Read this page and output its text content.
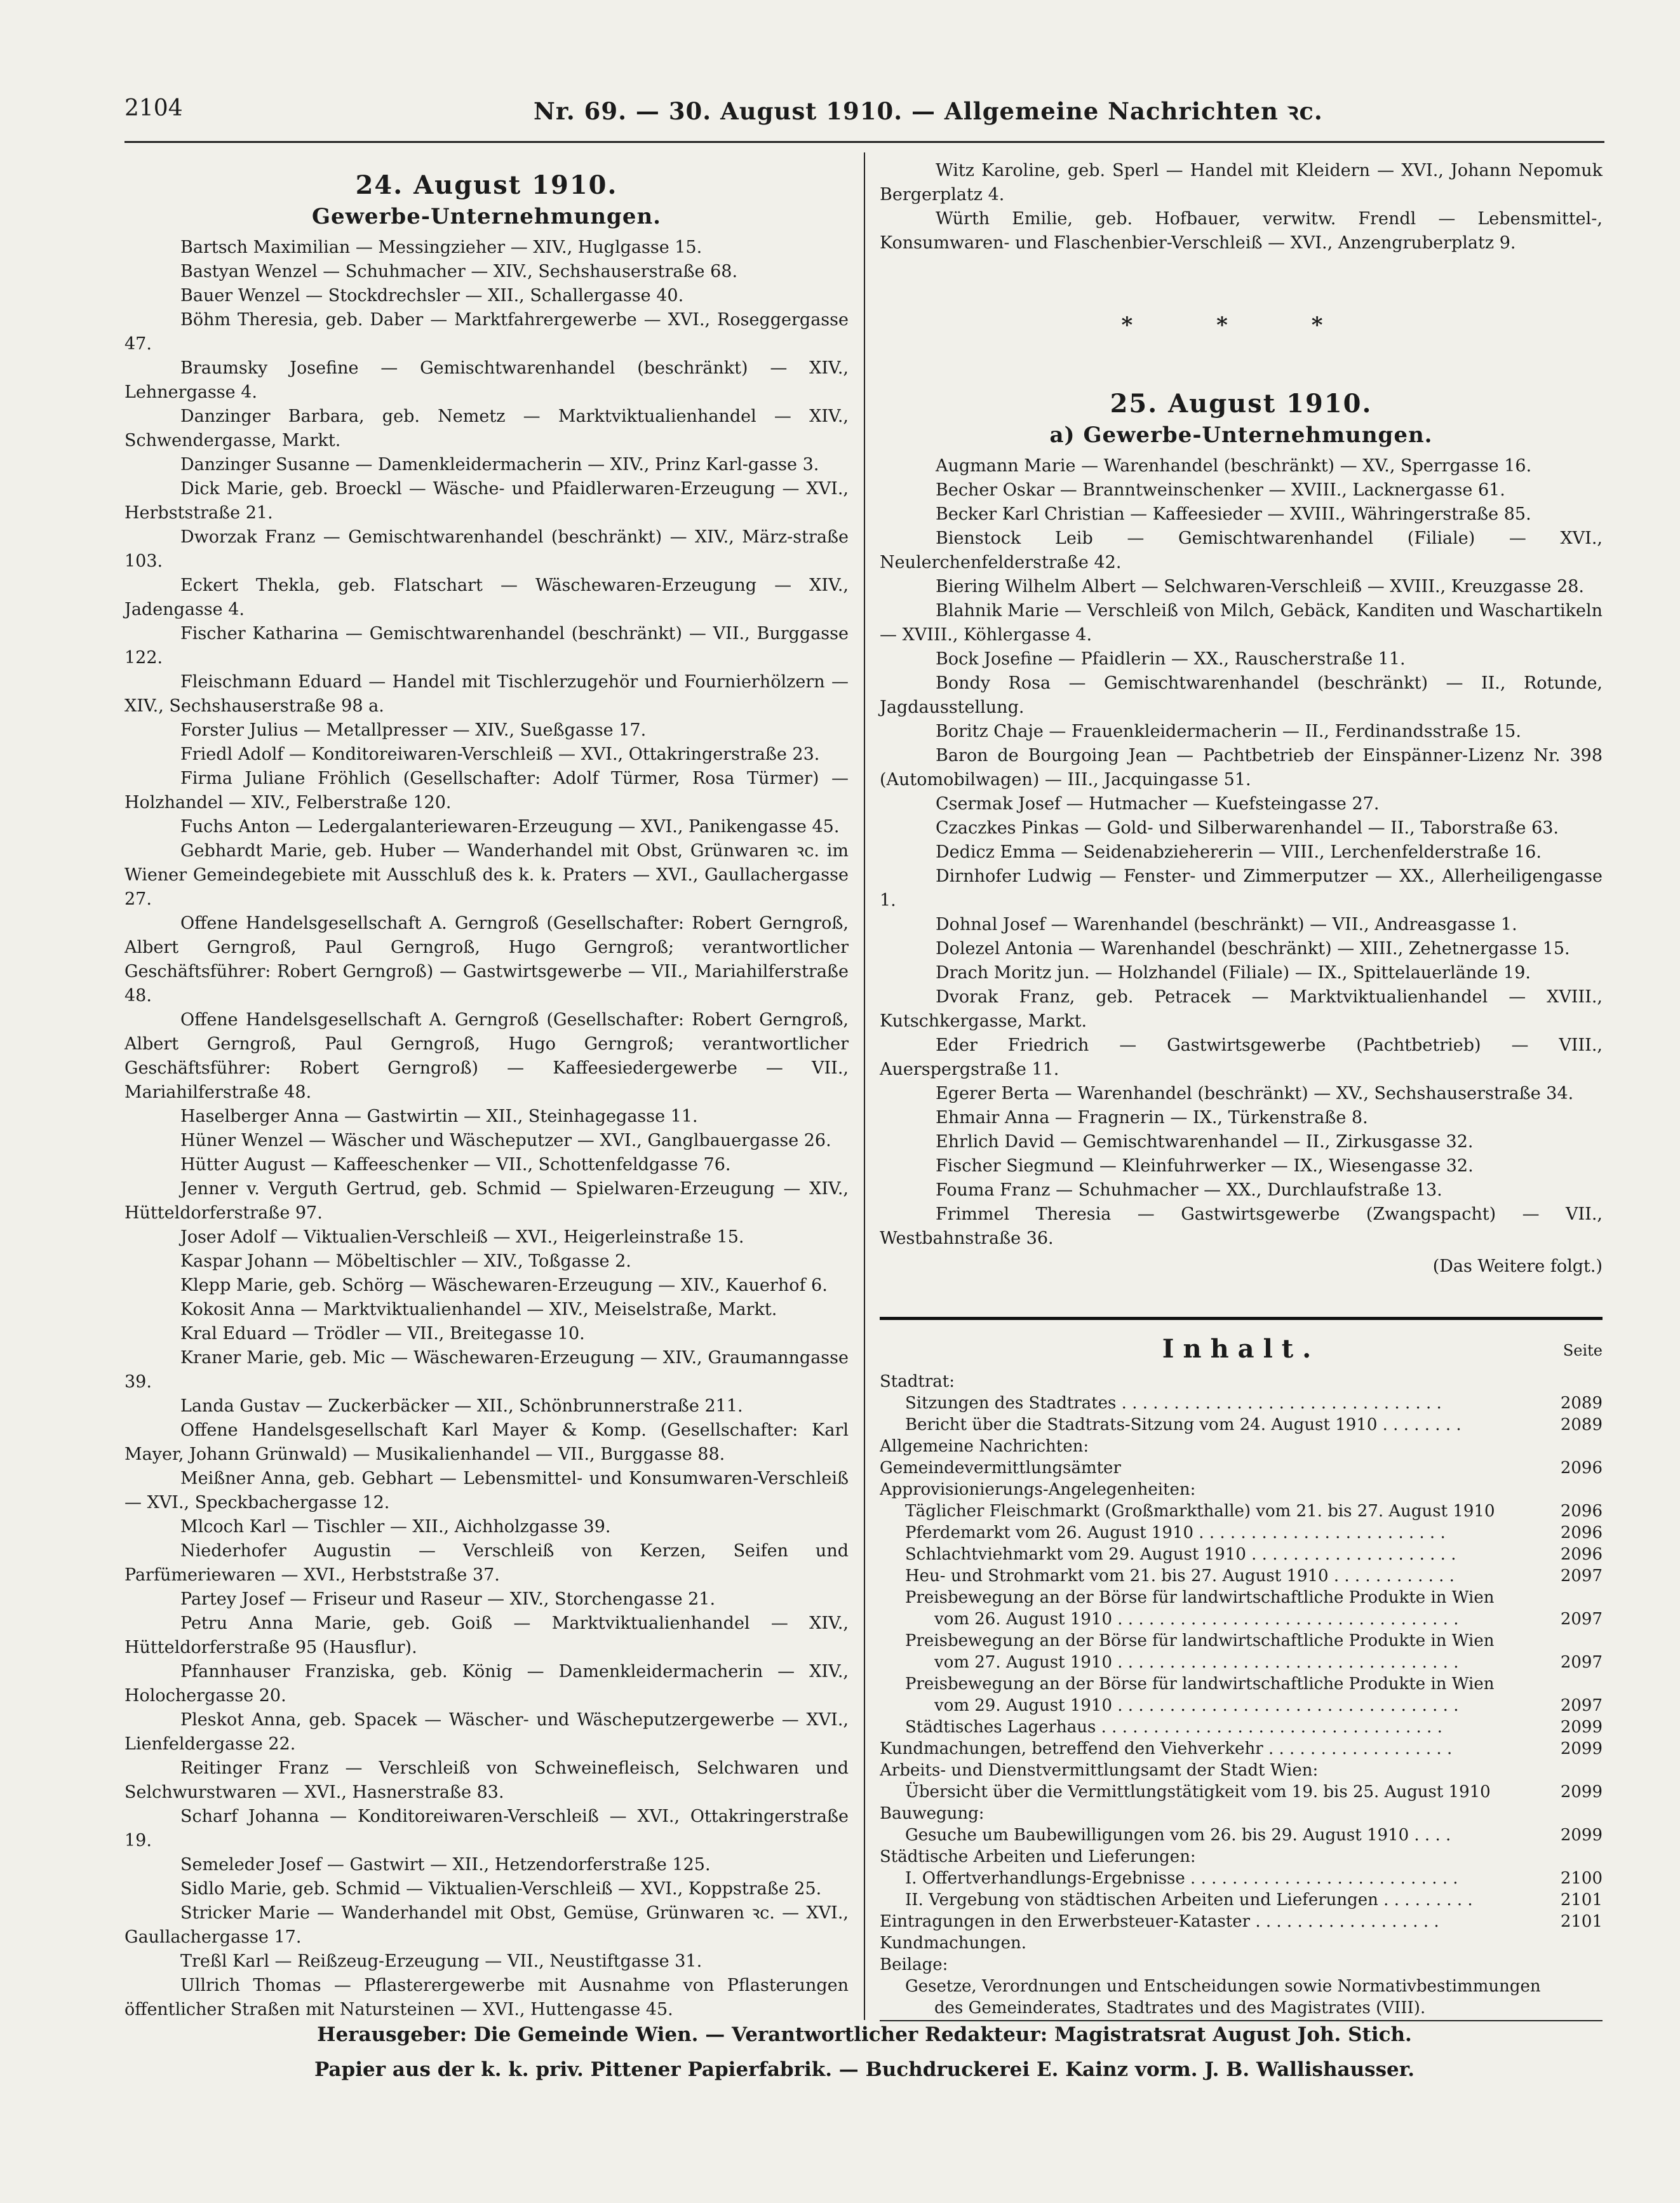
2104	Nr. 69. — 30. August 1910. — Allgemeine Nachrichten ꝛc.
24. August 1910.
Gewerbe-Unternehmungen.

Bartsch Maximilian — Messingzieher — XIV., Huglgasse 15.

Bastyan Wenzel — Schuhmacher — XIV., Sechshauserstraße 68.

Bauer Wenzel — Stockdrechsler — XII., Schallergasse 40.

Böhm Theresia, geb. Daber — Marktfahrergewerbe — XVI., Roseggergasse 47.

Braumsky Josefine — Gemischtwarenhandel (beschränkt) — XIV., Lehnergasse 4.

Danzinger Barbara, geb. Nemetz — Marktviktualienhandel — XIV., Schwendergasse, Markt.

Danzinger Susanne — Damenkleidermacherin — XIV., Prinz Karl-gasse 3.

Dick Marie, geb. Broeckl — Wäsche- und Pfaidlerwaren-Erzeugung — XVI., Herbststraße 21.

Dworzak Franz — Gemischtwarenhandel (beschränkt) — XIV., März-straße 103.

Eckert Thekla, geb. Flatschart — Wäschewaren-Erzeugung — XIV., Jadengasse 4.

Fischer Katharina — Gemischtwarenhandel (beschränkt) — VII., Burggasse 122.

Fleischmann Eduard — Handel mit Tischlerzugehör und Fournierhölzern — XIV., Sechshauserstraße 98 a.

Forster Julius — Metallpresser — XIV., Sueßgasse 17.

Friedl Adolf — Konditoreiwaren-Verschleiß — XVI., Ottakringerstraße 23.

Firma Juliane Fröhlich (Gesellschafter: Adolf Türmer, Rosa Türmer) — Holzhandel — XIV., Felberstraße 120.

Fuchs Anton — Ledergalanteriewaren-Erzeugung — XVI., Panikengasse 45.

Gebhardt Marie, geb. Huber — Wanderhandel mit Obst, Grünwaren ꝛc. im Wiener Gemeindegebiete mit Ausschluß des k. k. Praters — XVI., Gaullachergasse 27.

Offene Handelsgesellschaft A. Gerngroß (Gesellschafter: Robert Gerngroß, Albert Gerngroß, Paul Gerngroß, Hugo Gerngroß; verantwortlicher Geschäftsführer: Robert Gerngroß) — Gastwirtsgewerbe — VII., Mariahilferstraße 48.

Offene Handelsgesellschaft A. Gerngroß (Gesellschafter: Robert Gerngroß, Albert Gerngroß, Paul Gerngroß, Hugo Gerngroß; verantwortlicher Geschäftsführer: Robert Gerngroß) — Kaffeesiedergewerbe — VII., Mariahilferstraße 48.

Haselberger Anna — Gastwirtin — XII., Steinhagegasse 11.

Hüner Wenzel — Wäscher und Wäscheputzer — XVI., Ganglbauergasse 26.

Hütter August — Kaffeeschenker — VII., Schottenfeldgasse 76.

Jenner v. Verguth Gertrud, geb. Schmid — Spielwaren-Erzeugung — XIV., Hütteldorferstraße 97.

Joser Adolf — Viktualien-Verschleiß — XVI., Heigerleinstraße 15.

Kaspar Johann — Möbeltischler — XIV., Toßgasse 2.

Klepp Marie, geb. Schörg — Wäschewaren-Erzeugung — XIV., Kauerhof 6.

Kokosit Anna — Marktviktualienhandel — XIV., Meiselstraße, Markt.

Kral Eduard — Trödler — VII., Breitegasse 10.

Kraner Marie, geb. Mic — Wäschewaren-Erzeugung — XIV., Graumanngasse 39.

Landa Gustav — Zuckerbäcker — XII., Schönbrunnerstraße 211.

Offene Handelsgesellschaft Karl Mayer & Komp. (Gesellschafter: Karl Mayer, Johann Grünwald) — Musikalienhandel — VII., Burggasse 88.

Meißner Anna, geb. Gebhart — Lebensmittel- und Konsumwaren-Verschleiß — XVI., Speckbachergasse 12.

Mlcoch Karl — Tischler — XII., Aichholzgasse 39.

Niederhofer Augustin — Verschleiß von Kerzen, Seifen und Parfümeriewaren — XVI., Herbststraße 37.

Partey Josef — Friseur und Raseur — XIV., Storchengasse 21.

Petru Anna Marie, geb. Goiß — Marktviktualienhandel — XIV., Hütteldorferstraße 95 (Hausflur).

Pfannhauser Franziska, geb. König — Damenkleidermacherin — XIV., Holochergasse 20.

Pleskot Anna, geb. Spacek — Wäscher- und Wäscheputzergewerbe — XVI., Lienfeldergasse 22.

Reitinger Franz — Verschleiß von Schweinefleisch, Selchwaren und Selchwurstwaren — XVI., Hasnerstraße 83.

Scharf Johanna — Konditoreiwaren-Verschleiß — XVI., Ottakringerstraße 19.

Semeleder Josef — Gastwirt — XII., Hetzendorferstraße 125.

Sidlo Marie, geb. Schmid — Viktualien-Verschleiß — XVI., Koppstraße 25.

Stricker Marie — Wanderhandel mit Obst, Gemüse, Grünwaren ꝛc. — XVI., Gaullachergasse 17.

Treßl Karl — Reißzeug-Erzeugung — VII., Neustiftgasse 31.

Ullrich Thomas — Pflasterergewerbe mit Ausnahme von Pflasterungen öffentlicher Straßen mit Natursteinen — XVI., Huttengasse 45.

Witz Karoline, geb. Sperl — Handel mit Kleidern — XVI., Johann Nepomuk Bergerplatz 4.

Würth Emilie, geb. Hofbauer, verwitw. Frendl — Lebensmittel-, Konsumwaren- und Flaschenbier-Verschleiß — XVI., Anzengruberplatz 9.

* * *
25. August 1910.
a) Gewerbe-Unternehmungen.

Augmann Marie — Warenhandel (beschränkt) — XV., Sperrgasse 16.

Becher Oskar — Branntweinschenker — XVIII., Lacknergasse 61.

Becker Karl Christian — Kaffeesieder — XVIII., Währingerstraße 85.

Bienstock Leib — Gemischtwarenhandel (Filiale) — XVI., Neulerchenfelderstraße 42.

Biering Wilhelm Albert — Selchwaren-Verschleiß — XVIII., Kreuzgasse 28.

Blahnik Marie — Verschleiß von Milch, Gebäck, Kanditen und Waschartikeln — XVIII., Köhlergasse 4.

Bock Josefine — Pfaidlerin — XX., Rauscherstraße 11.

Bondy Rosa — Gemischtwarenhandel (beschränkt) — II., Rotunde, Jagdausstellung.

Boritz Chaje — Frauenkleidermacherin — II., Ferdinandsstraße 15.

Baron de Bourgoing Jean — Pachtbetrieb der Einspänner-Lizenz Nr. 398 (Automobilwagen) — III., Jacquingasse 51.

Csermak Josef — Hutmacher — Kuefsteingasse 27.

Czaczkes Pinkas — Gold- und Silberwarenhandel — II., Taborstraße 63.

Dedicz Emma — Seidenabziehererin — VIII., Lerchenfelderstraße 16.

Dirnhofer Ludwig — Fenster- und Zimmerputzer — XX., Allerheiligengasse 1.

Dohnal Josef — Warenhandel (beschränkt) — VII., Andreasgasse 1.

Dolezel Antonia — Warenhandel (beschränkt) — XIII., Zehetnergasse 15.

Drach Moritz jun. — Holzhandel (Filiale) — IX., Spittelauerlände 19.

Dvorak Franz, geb. Petracek — Marktviktualienhandel — XVIII., Kutschkergasse, Markt.

Eder Friedrich — Gastwirtsgewerbe (Pachtbetrieb) — VIII., Auerspergstraße 11.

Egerer Berta — Warenhandel (beschränkt) — XV., Sechshauserstraße 34.

Ehmair Anna — Fragnerin — IX., Türkenstraße 8.

Ehrlich David — Gemischtwarenhandel — II., Zirkusgasse 32.

Fischer Siegmund — Kleinfuhrwerker — IX., Wiesengasse 32.

Fouma Franz — Schuhmacher — XX., Durchlaufstraße 13.

Frimmel Theresia — Gastwirtsgewerbe (Zwangspacht) — VII., Westbahnstraße 36.

(Das Weitere folgt.)
Inhalt.	Seite
Stadtrat:
Sitzungen des Stadtrates . . . . . . . . . . . . . . . . . . . . . . . . . . . . . . .	2089
Bericht über die Stadtrats-Sitzung vom 24. August 1910 . . . . . . . .	2089
Allgemeine Nachrichten:
Gemeindevermittlungsämter	2096
Approvisionierungs-Angelegenheiten:
Täglicher Fleischmarkt (Großmarkthalle) vom 21. bis 27. August 1910	2096
Pferdemarkt vom 26. August 1910 . . . . . . . . . . . . . . . . . . . . . . . .	2096
Schlachtviehmarkt vom 29. August 1910 . . . . . . . . . . . . . . . . . . . .	2096
Heu- und Strohmarkt vom 21. bis 27. August 1910 . . . . . . . . . . . .	2097
Preisbewegung an der Börse für landwirtschaftliche Produkte in Wien
vom 26. August 1910 . . . . . . . . . . . . . . . . . . . . . . . . . . . . . . . . .	2097
Preisbewegung an der Börse für landwirtschaftliche Produkte in Wien
vom 27. August 1910 . . . . . . . . . . . . . . . . . . . . . . . . . . . . . . . . .	2097
Preisbewegung an der Börse für landwirtschaftliche Produkte in Wien
vom 29. August 1910 . . . . . . . . . . . . . . . . . . . . . . . . . . . . . . . . .	2097
Städtisches Lagerhaus . . . . . . . . . . . . . . . . . . . . . . . . . . . . . . . . .	2099
Kundmachungen, betreffend den Viehverkehr . . . . . . . . . . . . . . . . . .	2099
Arbeits- und Dienstvermittlungsamt der Stadt Wien:
Übersicht über die Vermittlungstätigkeit vom 19. bis 25. August 1910	2099
Bauwegung:
Gesuche um Baubewilligungen vom 26. bis 29. August 1910 . . . .	2099
Städtische Arbeiten und Lieferungen:
I. Offertverhandlungs-Ergebnisse . . . . . . . . . . . . . . . . . . . . . . . . . .	2100
II. Vergebung von städtischen Arbeiten und Lieferungen . . . . . . . . .	2101
Eintragungen in den Erwerbsteuer-Kataster . . . . . . . . . . . . . . . . . .	2101
Kundmachungen.
Beilage:
Gesetze, Verordnungen und Entscheidungen sowie Normativbestimmungen
des Gemeinderates, Stadtrates und des Magistrates (VIII).
Herausgeber: Die Gemeinde Wien. — Verantwortlicher Redakteur: Magistratsrat August Joh. Stich.
Papier aus der k. k. priv. Pittener Papierfabrik. — Buchdruckerei E. Kainz vorm. J. B. Wallishausser.
